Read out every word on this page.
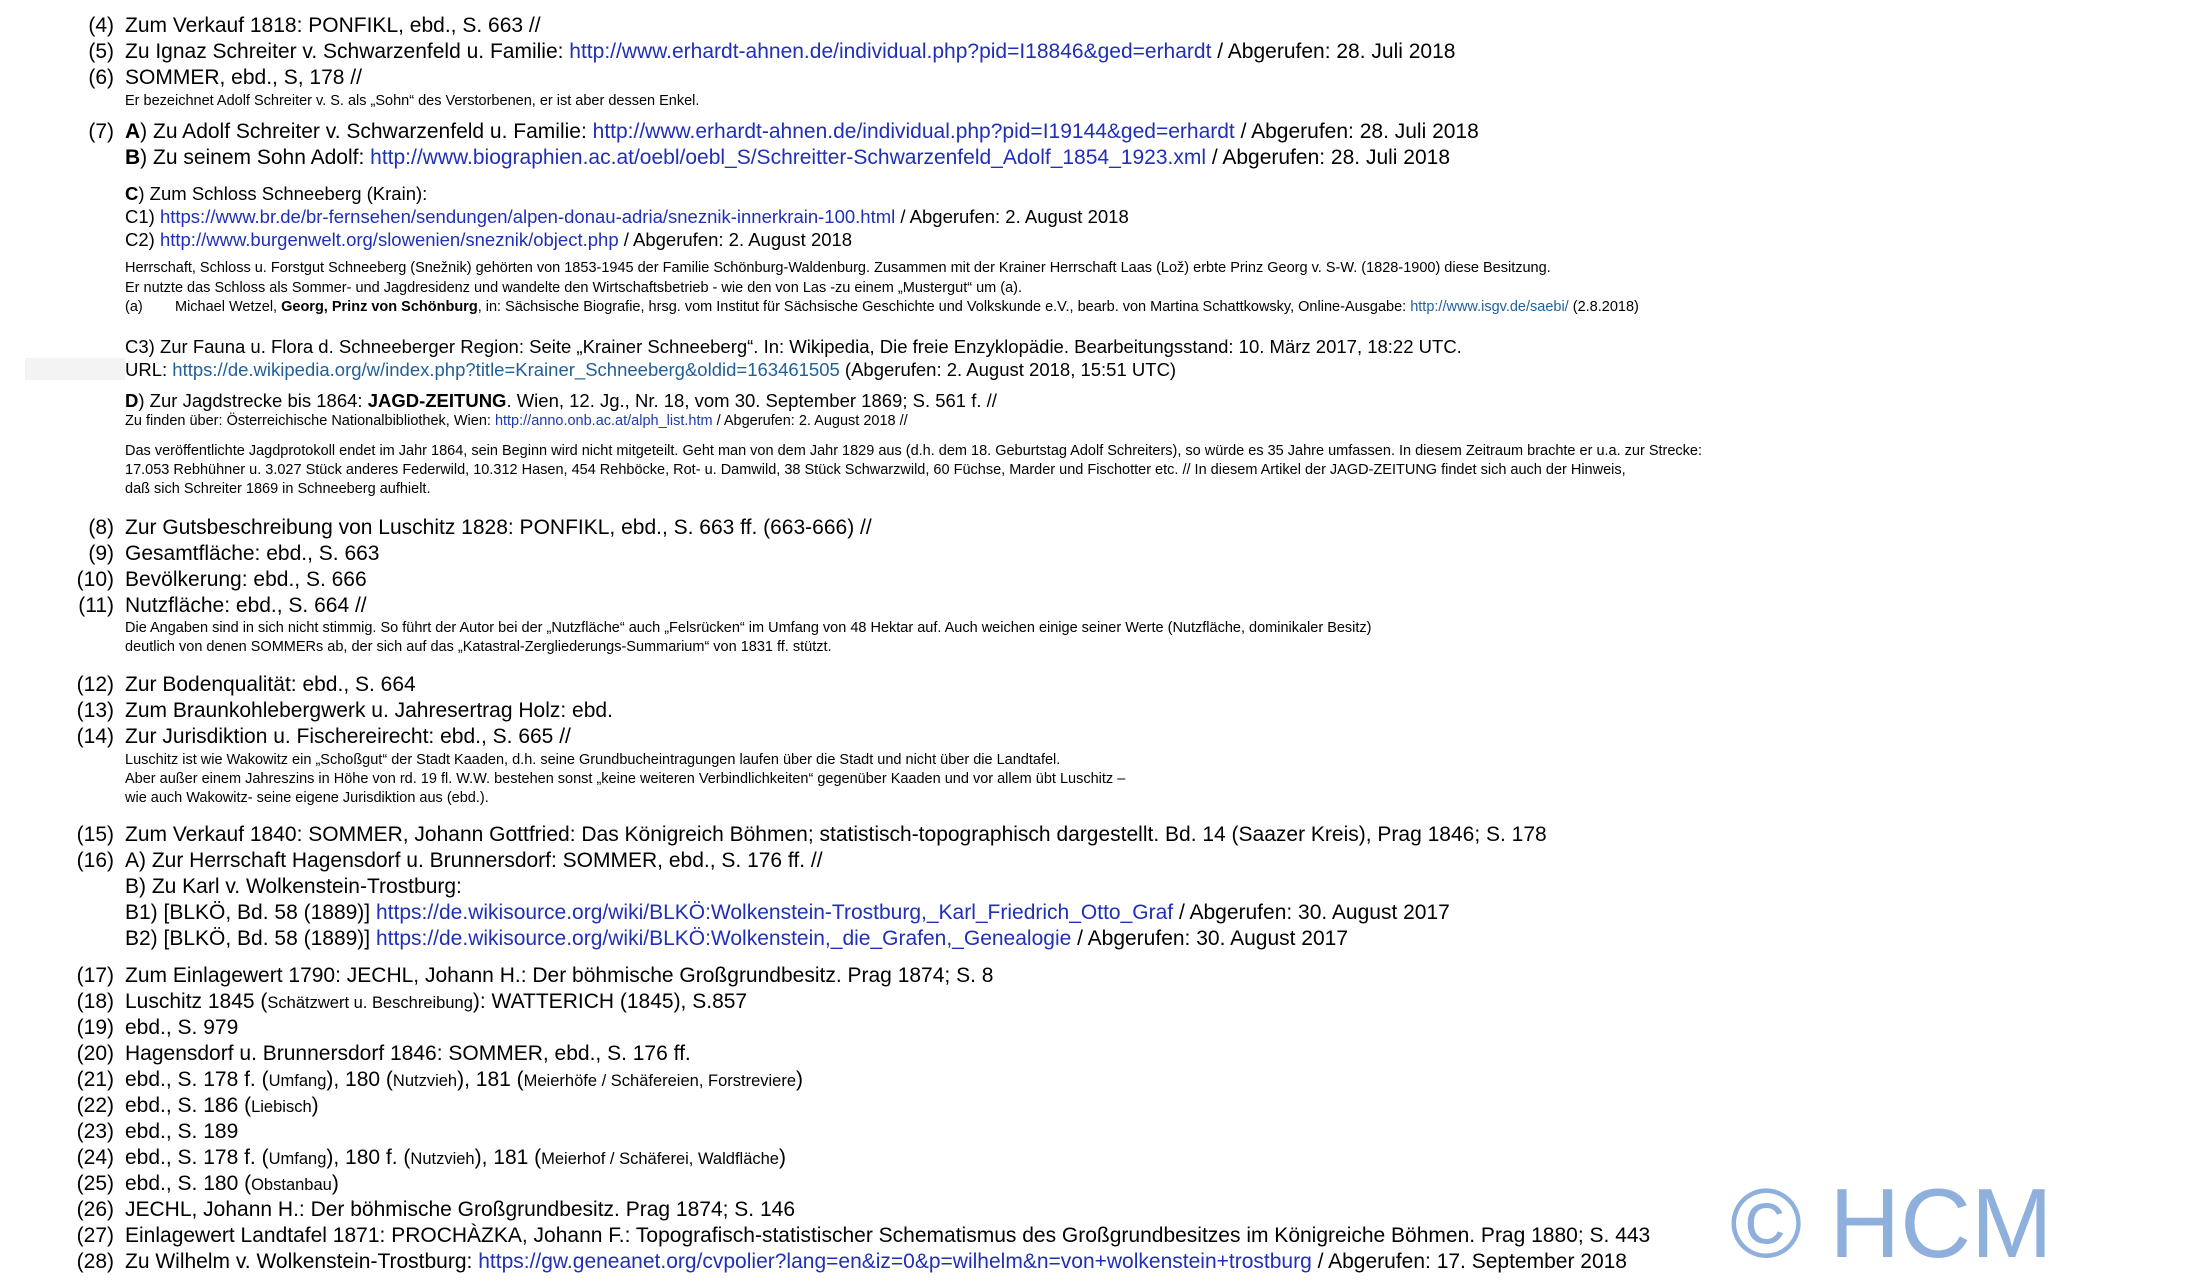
(4) Zum Verkauf 1818: PONFIKL, ebd., S. 663 //
(5) Zu Ignaz Schreiter v. Schwarzenfeld u. Familie: http://www.erhardt-ahnen.de/individual.php?pid=I18846&ged=erhardt / Abgerufen: 28. Juli 2018
(6) SOMMER, ebd., S, 178 //
Er bezeichnet Adolf Schreiter v. S. als „Sohn“ des Verstorbenen, er ist aber dessen Enkel.
(7) A) Zu Adolf Schreiter v. Schwarzenfeld u. Familie: http://www.erhardt-ahnen.de/individual.php?pid=I19144&ged=erhardt / Abgerufen: 28. Juli 2018
B) Zu seinem Sohn Adolf: http://www.biographien.ac.at/oebl/oebl_S/Schreitter-Schwarzenfeld_Adolf_1854_1923.xml / Abgerufen: 28. Juli 2018
C) Zum Schloss Schneeberg (Krain):
C1) https://www.br.de/br-fernsehen/sendungen/alpen-donau-adria/sneznik-innerkrain-100.html / Abgerufen: 2. August 2018
C2) http://www.burgenwelt.org/slowenien/sneznik/object.php / Abgerufen: 2. August 2018
Herrschaft, Schloss u. Forstgut Schneeberg (Snežnik) gehörten von 1853-1945 der Familie Schönburg-Waldenburg. Zusammen mit der Krainer Herrschaft Laas (Lož) erbte Prinz Georg v. S-W. (1828-1900) diese Besitzung.
Er nutzte das Schloss als Sommer- und Jagdresidenz und wandelte den Wirtschaftsbetrieb - wie den von Las -zu einem „Mustergut“ um (a).
(a) Michael Wetzel, Georg, Prinz von Schönburg, in: Sächsische Biografie, hrsg. vom Institut für Sächsische Geschichte und Volkskunde e.V., bearb. von Martina Schattkowsky, Online-Ausgabe: http://www.isgv.de/saebi/ (2.8.2018)
C3) Zur Fauna u. Flora d. Schneeberger Region: Seite „Krainer Schneeberg“. In: Wikipedia, Die freie Enzyklopädie. Bearbeitungsstand: 10. März 2017, 18:22 UTC.
URL: https://de.wikipedia.org/w/index.php?title=Krainer_Schneeberg&oldid=163461505 (Abgerufen: 2. August 2018, 15:51 UTC)
D) Zur Jagdstrecke bis 1864: JAGD-ZEITUNG. Wien, 12. Jg., Nr. 18, vom 30. September 1869; S. 561 f. //
Zu finden über: Österreichische Nationalbibliothek, Wien: http://anno.onb.ac.at/alph_list.htm / Abgerufen: 2. August 2018 //
Das veröffentlichte Jagdprotokoll endet im Jahr 1864, sein Beginn wird nicht mitgeteilt. Geht man von dem Jahr 1829 aus (d.h. dem 18. Geburtstag Adolf Schreiters), so würde es 35 Jahre umfassen. In diesem Zeitraum brachte er u.a. zur Strecke:
17.053 Rebhühner u. 3.027 Stück anderes Federwild, 10.312 Hasen, 454 Rehböcke, Rot- u. Damwild, 38 Stück Schwarzwild, 60 Füchse, Marder und Fischotter etc. // In diesem Artikel der JAGD-ZEITUNG findet sich auch der Hinweis,
daß sich Schreiter 1869 in Schneeberg aufhielt.
(8) Zur Gutsbeschreibung von Luschitz 1828: PONFIKL, ebd., S. 663 ff. (663-666) //
(9) Gesamtfläche: ebd., S. 663
(10) Bevölkerung: ebd., S. 666
(11) Nutzfläche: ebd., S. 664 //
Die Angaben sind in sich nicht stimmig. So führt der Autor bei der „Nutzfläche“ auch „Felsrücken“ im Umfang von 48 Hektar auf. Auch weichen einige seiner Werte (Nutzfläche, dominikaler Besitz)
deutlich von denen SOMMERs ab, der sich auf das „Katastral-Zergliederungs-Summarium“ von 1831 ff. stützt.
(12) Zur Bodenqualität: ebd., S. 664
(13) Zum Braunkohlebergwerk u. Jahresertrag Holz: ebd.
(14) Zur Jurisdiktion u. Fischereirecht: ebd., S. 665 //
Luschitz ist wie Wakowitz ein „Schoßgut“ der Stadt Kaaden, d.h. seine Grundbucheintragungen laufen über die Stadt und nicht über die Landtafel.
Aber außer einem Jahreszins in Höhe von rd. 19 fl. W.W. bestehen sonst „keine weiteren Verbindlichkeiten“ gegenüber Kaaden und vor allem übt Luschitz –
wie auch Wakowitz- seine eigene Jurisdiktion aus (ebd.).
(15) Zum Verkauf 1840: SOMMER, Johann Gottfried: Das Königreich Böhmen; statistisch-topographisch dargestellt. Bd. 14 (Saazer Kreis), Prag 1846; S. 178
(16) A) Zur Herrschaft Hagensdorf u. Brunnersdorf: SOMMER, ebd., S. 176 ff. //
B) Zu Karl v. Wolkenstein-Trostburg:
B1) [BLKÖ, Bd. 58 (1889)] https://de.wikisource.org/wiki/BLKÖ:Wolkenstein-Trostburg,_Karl_Friedrich_Otto_Graf / Abgerufen: 30. August 2017
B2) [BLKÖ, Bd. 58 (1889)] https://de.wikisource.org/wiki/BLKÖ:Wolkenstein,_die_Grafen,_Genealogie / Abgerufen: 30. August 2017
(17) Zum Einlagewert 1790: JECHL, Johann H.: Der böhmische Großgrundbesitz. Prag 1874; S. 8
(18) Luschitz 1845 (Schätzwert u. Beschreibung): WATTERICH (1845), S.857
(19) ebd., S. 979
(20) Hagensdorf u. Brunnersdorf 1846: SOMMER, ebd., S. 176 ff.
(21) ebd., S. 178 f. (Umfang), 180 (Nutzvieh), 181 (Meierhöfe / Schäfereien, Forstreviere)
(22) ebd., S. 186 (Liebisch)
(23) ebd., S. 189
(24) ebd., S. 178 f. (Umfang), 180 f. (Nutzvieh), 181 (Meierhof / Schäferei, Waldfläche)
(25) ebd., S. 180 (Obstanbau)
(26) JECHL, Johann H.: Der böhmische Großgrundbesitz. Prag 1874; S. 146
(27) Einlagewert Landtafel 1871: PROCHÀZKA, Johann F.: Topografisch-statistischer Schematismus des Großgrundbesitzes im Königreiche Böhmen. Prag 1880; S. 443
(28) Zu Wilhelm v. Wolkenstein-Trostburg: https://gw.geneanet.org/cvpolier?lang=en&iz=0&p=wilhelm&n=von+wolkenstein+trostburg / Abgerufen: 17. September 2018 © HCM
